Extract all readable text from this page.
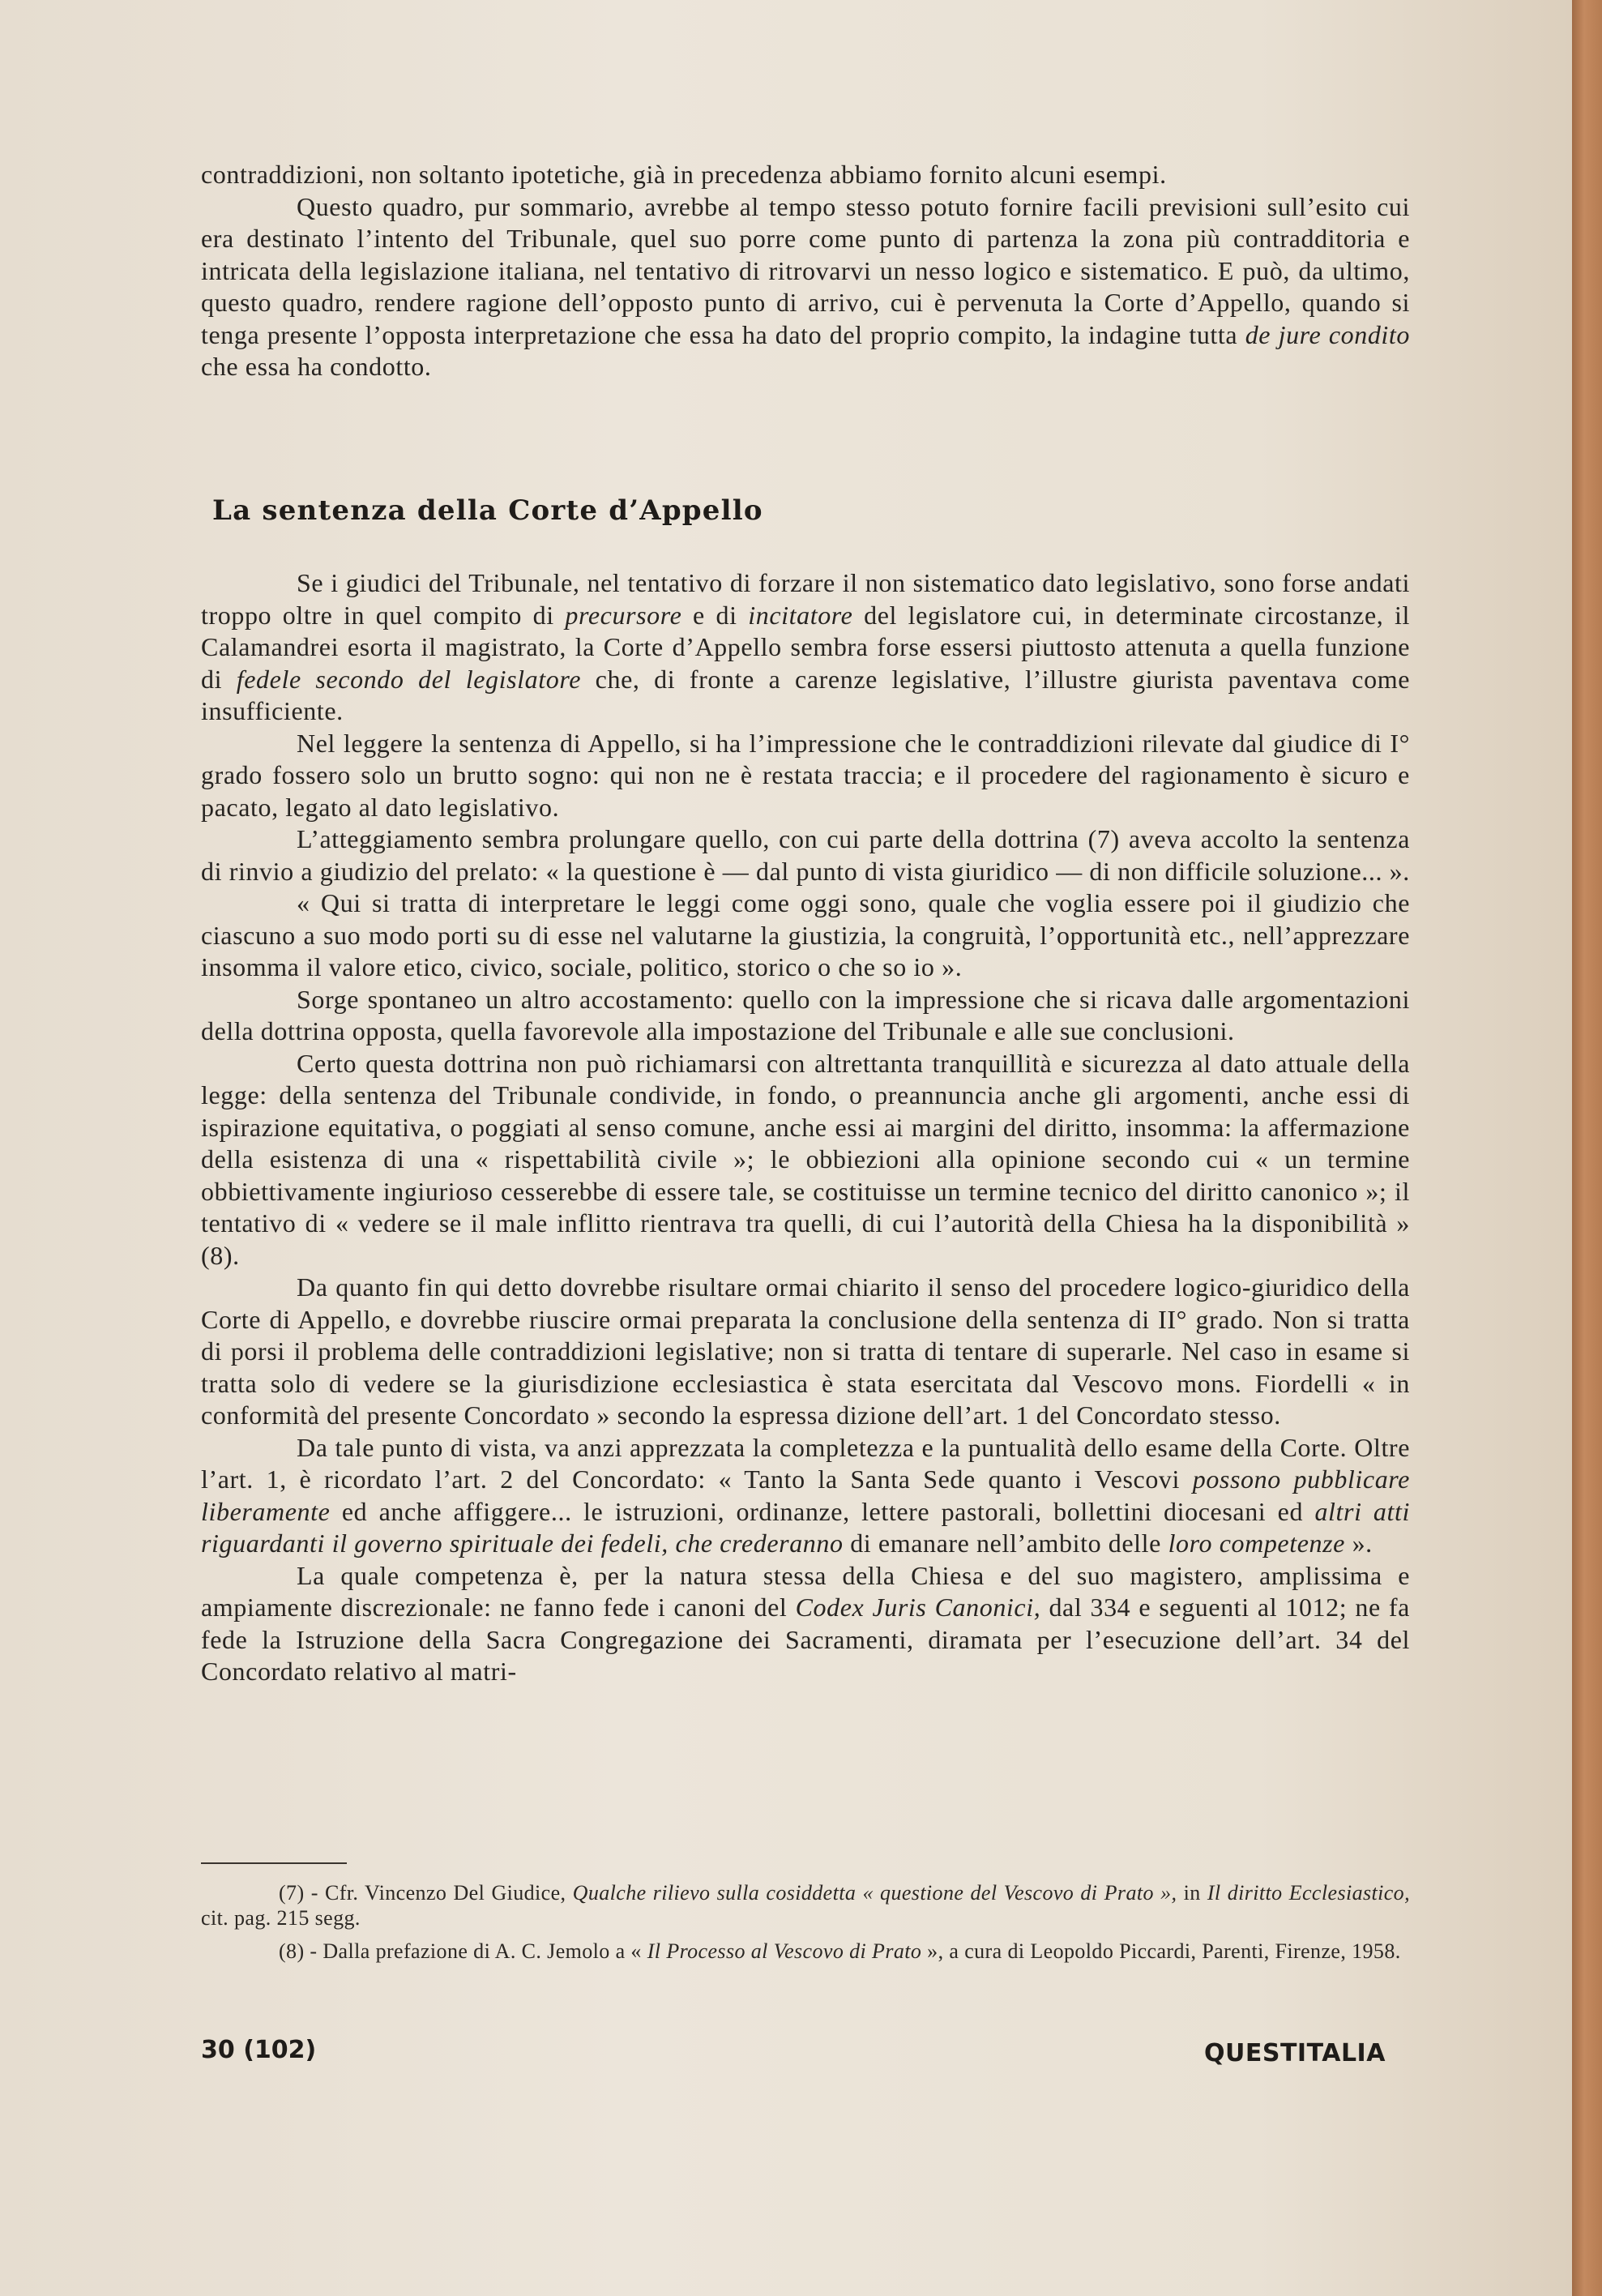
contraddizioni, non soltanto ipotetiche, già in precedenza abbiamo fornito alcuni esempi.

Questo quadro, pur sommario, avrebbe al tempo stesso potuto fornire facili previsioni sull’esito cui era destinato l’intento del Tribunale, quel suo porre come punto di partenza la zona più contradditoria e intricata della legislazione italiana, nel tentativo di ritrovarvi un nesso logico e sistematico. E può, da ultimo, questo quadro, rendere ragione dell’opposto punto di arrivo, cui è pervenuta la Corte d’Appello, quando si tenga presente l’opposta interpretazione che essa ha dato del proprio compito, la indagine tutta de jure condito che essa ha condotto.

La sentenza della Corte d’Appello

Se i giudici del Tribunale, nel tentativo di forzare il non sistematico dato legislativo, sono forse andati troppo oltre in quel compito di precursore e di incitatore del legislatore cui, in determinate circostanze, il Calamandrei esorta il magistrato, la Corte d’Appello sembra forse essersi piuttosto attenuta a quella funzione di fedele secondo del legislatore che, di fronte a carenze legislative, l’illustre giurista paventava come insufficiente.

Nel leggere la sentenza di Appello, si ha l’impressione che le contraddizioni rilevate dal giudice di I° grado fossero solo un brutto sogno: qui non ne è restata traccia; e il procedere del ragionamento è sicuro e pacato, legato al dato legislativo.

L’atteggiamento sembra prolungare quello, con cui parte della dottrina (7) aveva accolto la sentenza di rinvio a giudizio del prelato: « la questione è — dal punto di vista giuridico — di non difficile soluzione... ».

« Qui si tratta di interpretare le leggi come oggi sono, quale che voglia essere poi il giudizio che ciascuno a suo modo porti su di esse nel valutarne la giustizia, la congruità, l’opportunità etc., nell’apprezzare insomma il valore etico, civico, sociale, politico, storico o che so io ».

Sorge spontaneo un altro accostamento: quello con la impressione che si ricava dalle argomentazioni della dottrina opposta, quella favorevole alla impostazione del Tribunale e alle sue conclusioni.

Certo questa dottrina non può richiamarsi con altrettanta tranquillità e sicurezza al dato attuale della legge: della sentenza del Tribunale condivide, in fondo, o preannuncia anche gli argomenti, anche essi di ispirazione equitativa, o poggiati al senso comune, anche essi ai margini del diritto, insomma: la affermazione della esistenza di una « rispettabilità civile »; le obbiezioni alla opinione secondo cui « un termine obbiettivamente ingiurioso cesserebbe di essere tale, se costituisse un termine tecnico del diritto canonico »; il tentativo di « vedere se il male inflitto rientrava tra quelli, di cui l’autorità della Chiesa ha la disponibilità » (8).

Da quanto fin qui detto dovrebbe risultare ormai chiarito il senso del procedere logico-giuridico della Corte di Appello, e dovrebbe riuscire ormai preparata la conclusione della sentenza di II° grado. Non si tratta di porsi il problema delle contraddizioni legislative; non si tratta di tentare di superarle. Nel caso in esame si tratta solo di vedere se la giurisdizione ecclesiastica è stata esercitata dal Vescovo mons. Fiordelli « in conformità del presente Concordato » secondo la espressa dizione dell’art. 1 del Concordato stesso.

Da tale punto di vista, va anzi apprezzata la completezza e la puntualità dello esame della Corte. Oltre l’art. 1, è ricordato l’art. 2 del Concordato: « Tanto la Santa Sede quanto i Vescovi possono pubblicare liberamente ed anche affiggere... le istruzioni, ordinanze, lettere pastorali, bollettini diocesani ed altri atti riguardanti il governo spirituale dei fedeli, che crederanno di emanare nell’ambito delle loro competenze ».

La quale competenza è, per la natura stessa della Chiesa e del suo magistero, amplissima e ampiamente discrezionale: ne fanno fede i canoni del Codex Juris Canonici, dal 334 e seguenti al 1012; ne fa fede la Istruzione della Sacra Congregazione dei Sacramenti, diramata per l’esecuzione dell’art. 34 del Concordato relativo al matri-

(7) - Cfr. Vincenzo Del Giudice, Qualche rilievo sulla cosiddetta « questione del Vescovo di Prato », in Il diritto Ecclesiastico, cit. pag. 215 segg.

(8) - Dalla prefazione di A. C. Jemolo a « Il Processo al Vescovo di Prato », a cura di Leopoldo Piccardi, Parenti, Firenze, 1958.

30 (102)	QUESTITALIA
